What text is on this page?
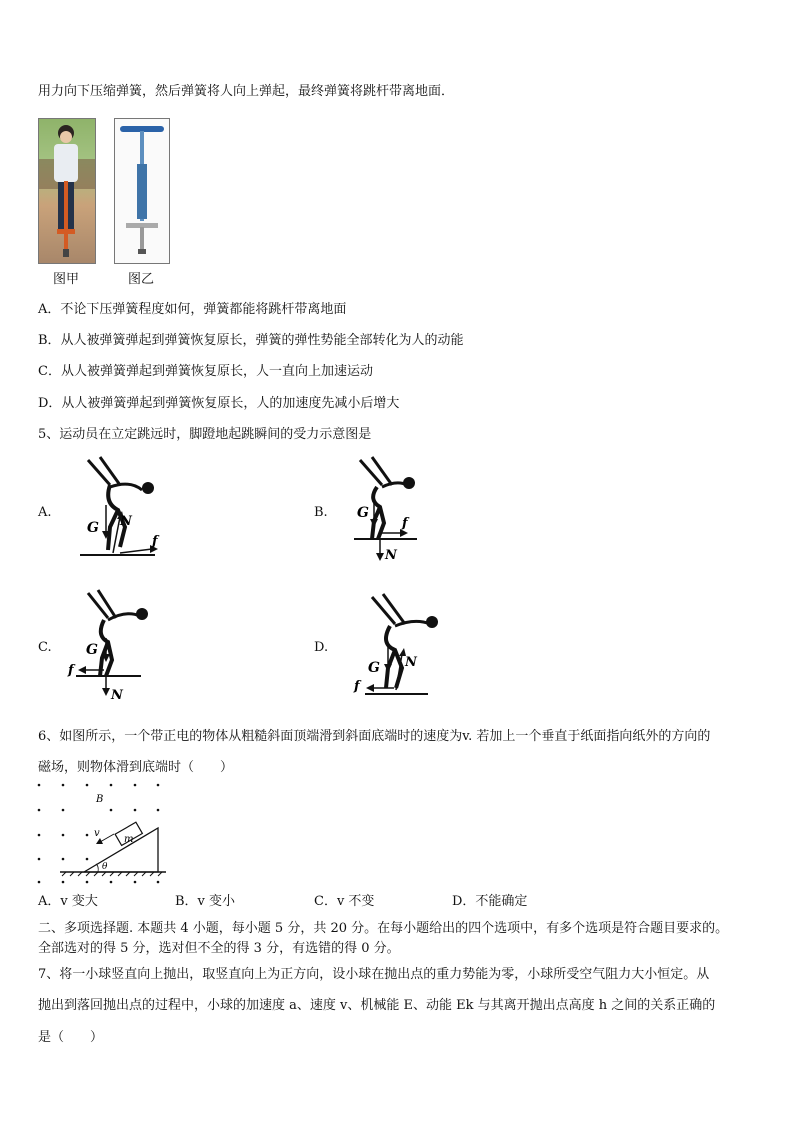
用力向下压缩弹簧，然后弹簧将人向上弹起，最终弹簧将跳杆带离地面．
图甲	图乙
A．不论下压弹簧程度如何，弹簧都能将跳杆带离地面
B．从人被弹簧弹起到弹簧恢复原长，弹簧的弹性势能全部转化为人的动能
C．从人被弹簧弹起到弹簧恢复原长，人一直向上加速运动
D．从人被弹簧弹起到弹簧恢复原长，人的加速度先减小后增大
5、运动员在立定跳远时，脚蹬地起跳瞬间的受力示意图是
A.	B.
C.	D.
G N
f
G
N
f
G
N
f	G N
f
6、如图所示，一个带正电的物体从粗糙斜面顶端滑到斜面底端时的速度为v. 若加上一个垂直于纸面指向纸外的方向的
磁场，则物体滑到底端时（　　）
m
v
B
θ
A．v 变大	B．v 变小	C．v 不变	D．不能确定
二、多项选择题. 本题共 4 小题，每小题 5 分，共 20 分。在每小题给出的四个选项中，有多个选项是符合题目要求的。
全部选对的得 5 分，选对但不全的得 3 分，有选错的得 0 分。
7、将一小球竖直向上抛出，取竖直向上为正方向，设小球在抛出点的重力势能为零，小球所受空气阻力大小恒定。从
抛出到落回抛出点的过程中，小球的加速度 a、速度 v、机械能 E、动能 Ek 与其离开抛出点高度 h 之间的关系正确的
是（　　）
